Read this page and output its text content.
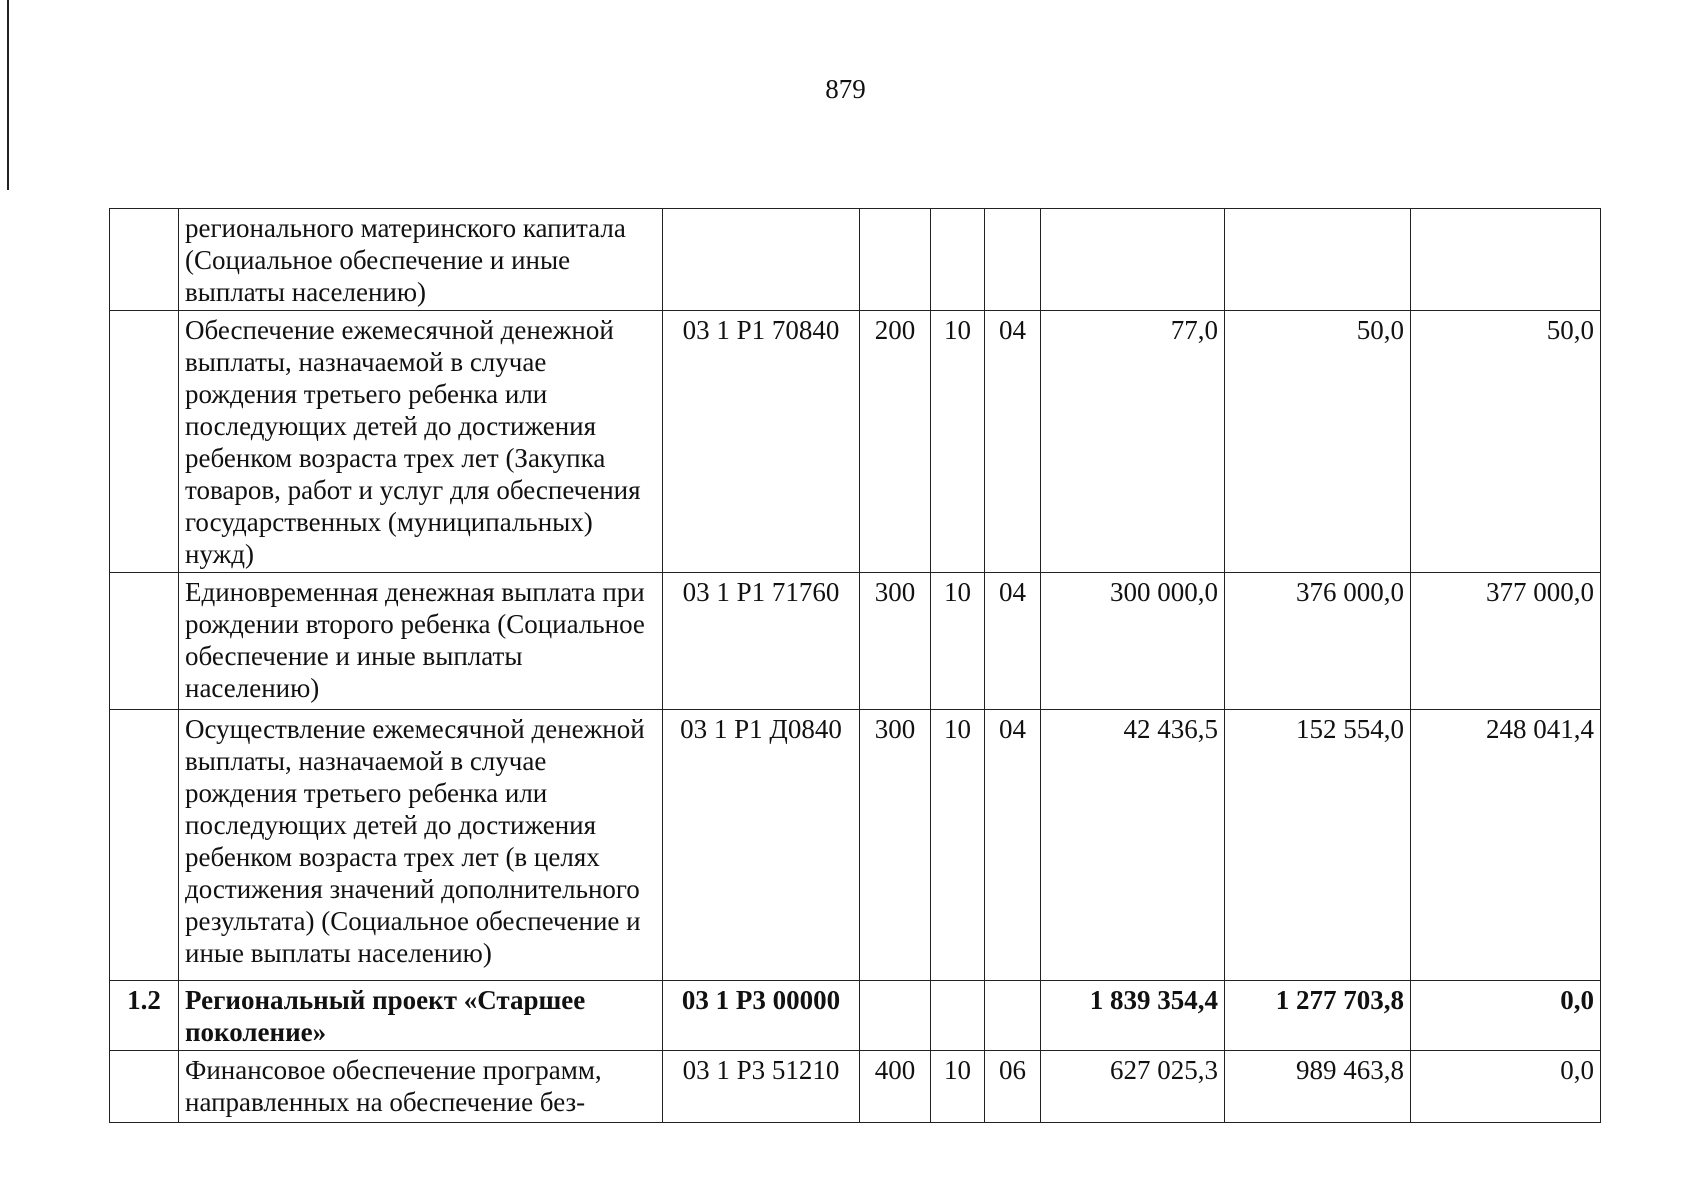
879
	регионального материнского капитала (Социальное обеспечение и иные выплаты населению)							
	Обеспечение ежемесячной денежной выплаты, назначаемой в случае рождения третьего ребенка или последующих детей до достижения ребенком возраста трех лет (Закупка товаров, работ и услуг для обеспечения государственных (муниципальных) нужд)	03 1 Р1 70840	200	10	04	77,0	50,0	50,0
	Единовременная денежная выплата при рождении второго ребенка (Социальное обеспечение и иные выплаты населению)	03 1 Р1 71760	300	10	04	300 000,0	376 000,0	377 000,0
	Осуществление ежемесячной денежной выплаты, назначаемой в случае рождения третьего ребенка или последующих детей до достижения ребенком возраста трех лет (в целях достижения значений дополнительного результата) (Социальное обеспечение и иные выплаты населению)	03 1 Р1 Д0840	300	10	04	42 436,5	152 554,0	248 041,4
1.2	Региональный проект «Старшее поколение»	03 1 Р3 00000				1 839 354,4	1 277 703,8	0,0
	Финансовое обеспечение программ, направленных на обеспечение без-	03 1 Р3 51210	400	10	06	627 025,3	989 463,8	0,0
